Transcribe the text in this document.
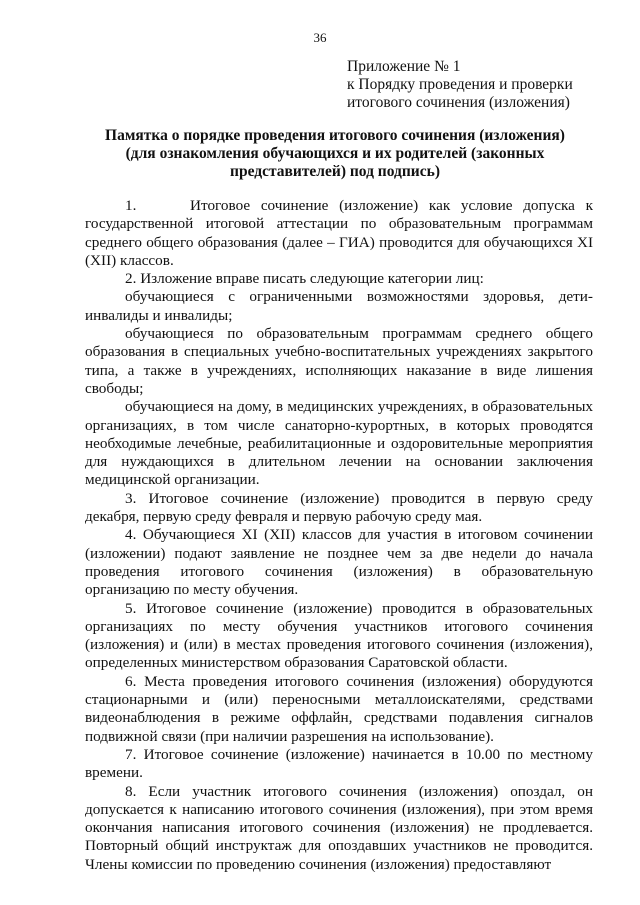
36
Приложение № 1
к Порядку проведения и проверки
итогового сочинения (изложения)
Памятка о порядке проведения итогового сочинения (изложения)
(для ознакомления обучающихся и их родителей (законных
представителей) под подпись)

1.     Итоговое сочинение (изложение) как условие допуска к государственной итоговой аттестации по образовательным программам среднего общего образования (далее – ГИА) проводится для обучающихся XI (XII) классов.

2. Изложение вправе писать следующие категории лиц:

обучающиеся с ограниченными возможностями здоровья, дети-инвалиды и инвалиды;

обучающиеся по образовательным программам среднего общего образования в специальных учебно-воспитательных учреждениях закрытого типа, а также в учреждениях, исполняющих наказание в виде лишения свободы;

обучающиеся на дому, в медицинских учреждениях, в образовательных организациях, в том числе санаторно-курортных, в которых проводятся необходимые лечебные, реабилитационные и оздоровительные мероприятия для нуждающихся в длительном лечении на основании заключения медицинской организации.

3. Итоговое сочинение (изложение) проводится в первую среду декабря, первую среду февраля и первую рабочую среду мая.

4. Обучающиеся XI (XII) классов для участия в итоговом сочинении (изложении) подают заявление не позднее чем за две недели до начала проведения итогового сочинения (изложения) в образовательную организацию по месту обучения.

5. Итоговое сочинение (изложение) проводится в образовательных организациях по месту обучения участников итогового сочинения (изложения) и (или) в местах проведения итогового сочинения (изложения), определенных министерством образования Саратовской области.

6. Места проведения итогового сочинения (изложения) оборудуются стационарными и (или) переносными металлоискателями, средствами видеонаблюдения в режиме оффлайн, средствами подавления сигналов подвижной связи (при наличии разрешения на использование).

7. Итоговое сочинение (изложение) начинается в 10.00 по местному времени.

8. Если участник итогового сочинения (изложения) опоздал, он допускается к написанию итогового сочинения (изложения), при этом время окончания написания итогового сочинения (изложения) не продлевается. Повторный общий инструктаж для опоздавших участников не проводится. Члены комиссии по проведению сочинения (изложения) предоставляют
